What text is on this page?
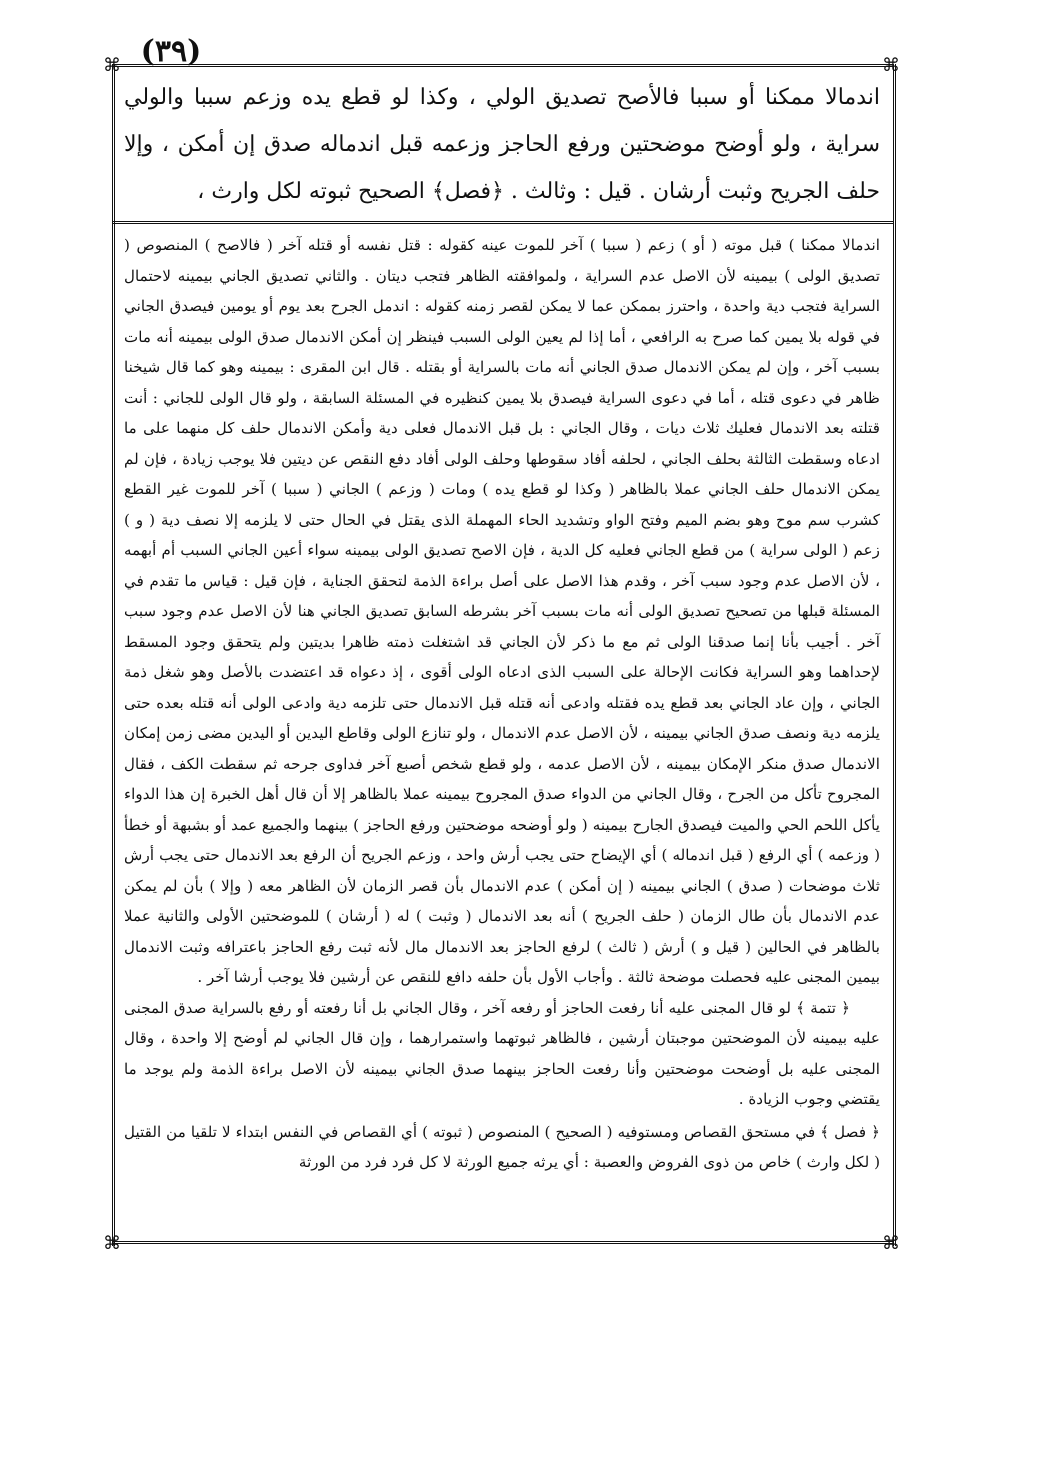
(٣٩)
⌘	⌘
⌘	⌘
اندمالا ممكنا أو سببا فالأصح تصديق الولي ، وكذا لو قطع يده وزعم سببا والولي سراية ، ولو أوضح موضحتين ورفع الحاجز وزعمه قبل اندماله صدق إن أمكن ، وإلا حلف الجريح وثبت أرشان . قيل : وثالث . ﴿فصل﴾ الصحيح ثبوته لكل وارث ،

اندمالا ممكنا ) قبل موته ( أو ) زعم ( سببا ) آخر للموت عينه كقوله : قتل نفسه أو قتله آخر ( فالاصح ) المنصوص ( تصديق الولى ) بيمينه لأن الاصل عدم السراية ، ولموافقته الظاهر فتجب ديتان . والثاني تصديق الجاني بيمينه لاحتمال السراية فتجب دية واحدة ، واحترز بممكن عما لا يمكن لقصر زمنه كقوله : اندمل الجرح بعد يوم أو يومين فيصدق الجاني في قوله بلا يمين كما صرح به الرافعي ، أما إذا لم يعين الولى السبب فينظر إن أمكن الاندمال صدق الولى بيمينه أنه مات بسبب آخر ، وإن لم يمكن الاندمال صدق الجاني أنه مات بالسراية أو بقتله . قال ابن المقرى : بيمينه وهو كما قال شيخنا ظاهر في دعوى قتله ، أما في دعوى السراية فيصدق بلا يمين كنظيره في المسئلة السابقة ، ولو قال الولى للجاني : أنت قتلته بعد الاندمال فعليك ثلاث ديات ، وقال الجاني : بل قبل الاندمال فعلى دية وأمكن الاندمال حلف كل منهما على ما ادعاه وسقطت الثالثة بحلف الجاني ، لحلفه أفاد سقوطها وحلف الولى أفاد دفع النقص عن ديتين فلا يوجب زيادة ، فإن لم يمكن الاندمال حلف الجاني عملا بالظاهر ( وكذا لو قطع يده ) ومات ( وزعم ) الجاني ( سببا ) آخر للموت غير القطع كشرب سم موح وهو بضم الميم وفتح الواو وتشديد الحاء المهملة الذى يقتل في الحال حتى لا يلزمه إلا نصف دية ( و ) زعم ( الولى سراية ) من قطع الجاني فعليه كل الدية ، فإن الاصح تصديق الولى بيمينه سواء أعين الجاني السبب أم أبهمه ، لأن الاصل عدم وجود سبب آخر ، وقدم هذا الاصل على أصل براءة الذمة لتحقق الجناية ، فإن قيل : قياس ما تقدم في المسئلة قبلها من تصحيح تصديق الولى أنه مات بسبب آخر بشرطه السابق تصديق الجاني هنا لأن الاصل عدم وجود سبب آخر . أجيب بأنا إنما صدقنا الولى ثم مع ما ذكر لأن الجاني قد اشتغلت ذمته ظاهرا بديتين ولم يتحقق وجود المسقط لإحداهما وهو السراية فكانت الإحالة على السبب الذى ادعاه الولى أقوى ، إذ دعواه قد اعتضدت بالأصل وهو شغل ذمة الجاني ، وإن عاد الجاني بعد قطع يده فقتله وادعى أنه قتله قبل الاندمال حتى تلزمه دية وادعى الولى أنه قتله بعده حتى يلزمه دية ونصف صدق الجاني بيمينه ، لأن الاصل عدم الاندمال ، ولو تنازع الولى وقاطع اليدين أو اليدين مضى زمن إمكان الاندمال صدق منكر الإمكان بيمينه ، لأن الاصل عدمه ، ولو قطع شخص أصبع آخر فداوى جرحه ثم سقطت الكف ، فقال المجروح تأكل من الجرح ، وقال الجاني من الدواء صدق المجروح بيمينه عملا بالظاهر إلا أن قال أهل الخبرة إن هذا الدواء يأكل اللحم الحي والميت فيصدق الجارح بيمينه ( ولو أوضحه موضحتين ورفع الحاجز ) بينهما والجميع عمد أو بشبهة أو خطأ ( وزعمه ) أي الرفع ( قبل اندماله ) أي الإيضاح حتى يجب أرش واحد ، وزعم الجريح أن الرفع بعد الاندمال حتى يجب أرش ثلاث موضحات ( صدق ) الجاني بيمينه ( إن أمكن ) عدم الاندمال بأن قصر الزمان لأن الظاهر معه ( وإلا ) بأن لم يمكن عدم الاندمال بأن طال الزمان ( حلف الجريح ) أنه بعد الاندمال ( وثبت ) له ( أرشان ) للموضحتين الأولى والثانية عملا بالظاهر في الحالين ( قيل و ) أرش ( ثالث ) لرفع الحاجز بعد الاندمال مال لأنه ثبت رفع الحاجز باعترافه وثبت الاندمال بيمين المجنى عليه فحصلت موضحة ثالثة . وأجاب الأول بأن حلفه دافع للنقص عن أرشين فلا يوجب أرشا آخر .

﴿ تتمة ﴾ لو قال المجنى عليه أنا رفعت الحاجز أو رفعه آخر ، وقال الجاني بل أنا رفعته أو رفع بالسراية صدق المجنى عليه بيمينه لأن الموضحتين موجبتان أرشين ، فالظاهر ثبوتهما واستمرارهما ، وإن قال الجاني لم أوضح إلا واحدة ، وقال المجنى عليه بل أوضحت موضحتين وأنا رفعت الحاجز بينهما صدق الجاني بيمينه لأن الاصل براءة الذمة ولم يوجد ما يقتضي وجوب الزيادة .

﴿ فصل ﴾ في مستحق القصاص ومستوفيه ( الصحيح ) المنصوص ( ثبوته ) أي القصاص في النفس ابتداء لا تلقيا من القتيل ( لكل وارث ) خاص من ذوى الفروض والعصبة : أي يرثه جميع الورثة لا كل فرد فرد من الورثة
